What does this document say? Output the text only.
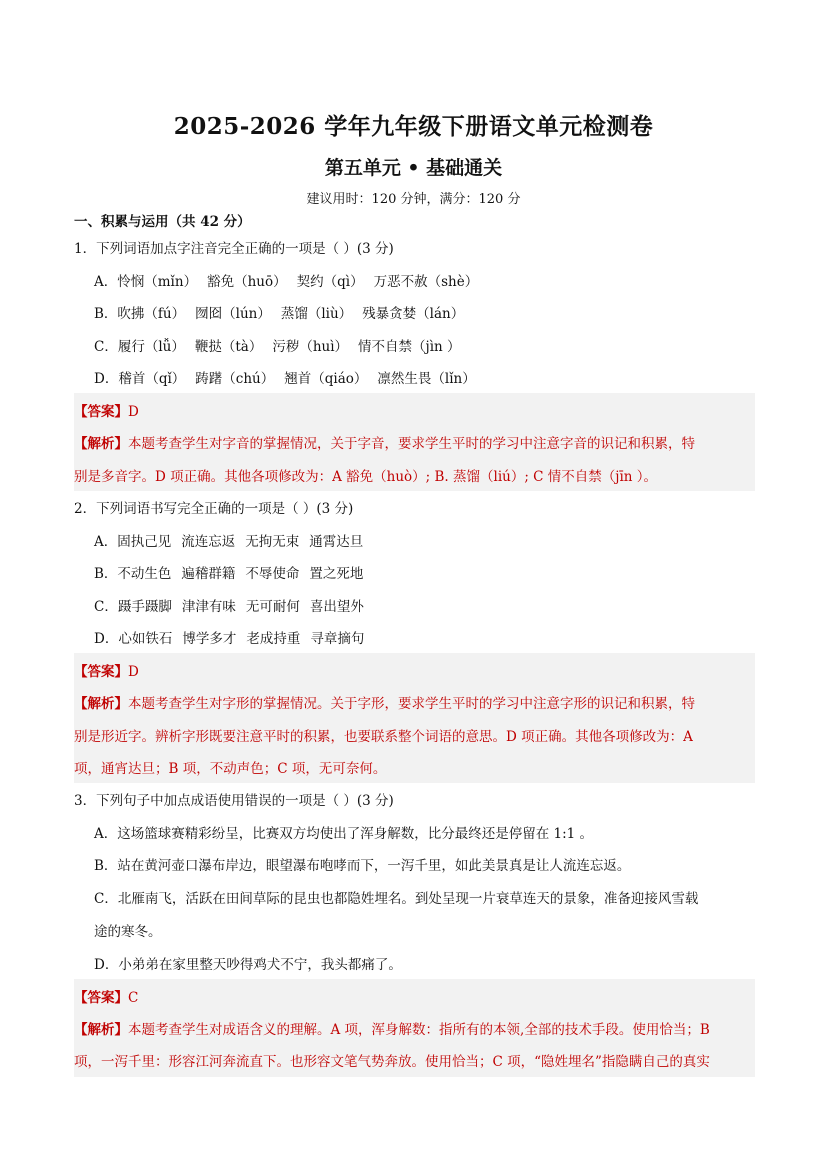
2025-2026 学年九年级下册语文单元检测卷
第五单元 • 基础通关
建议用时：120 分钟，满分：120 分
一、积累与运用（共 42 分）
1．下列词语加点字注音完全正确的一项是（ ）(3 分)
A．怜悯（mǐn） 豁免（huō） 契约（qì） 万恶不赦（shè）
B．吹拂（fú） 囫囵（lún） 蒸馏（liù） 残暴贪婪（lán）
C．履行（lǚ） 鞭挞（tà） 污秽（huì） 情不自禁（jìn ）
D．稽首（qǐ） 踌躇（chú） 翘首（qiáo） 凛然生畏（lǐn）
【答案】D
【解析】本题考查学生对字音的掌握情况，关于字音，要求学生平时的学习中注意字音的识记和积累，特
别是多音字。D 项正确。其他各项修改为：A 豁免（huò）; B. 蒸馏（liú）; C 情不自禁（jīn ）。
2．下列词语书写完全正确的一项是（ ）(3 分)
A．固执己见 流连忘返 无拘无束 通霄达旦
B．不动生色 遍稽群籍 不辱使命 置之死地
C．蹑手蹑脚 津津有味 无可耐何 喜出望外
D．心如铁石 博学多才 老成持重 寻章摘句
【答案】D
【解析】本题考查学生对字形的掌握情况。关于字形，要求学生平时的学习中注意字形的识记和积累，特
别是形近字。辨析字形既要注意平时的积累，也要联系整个词语的意思。D 项正确。其他各项修改为：A
项，通宵达旦；B 项，不动声色；C 项，无可奈何。
3．下列句子中加点成语使用错误的一项是（ ）(3 分)
A．这场篮球赛精彩纷呈，比赛双方均使出了浑身解数，比分最终还是停留在 1:1 。
B．站在黄河壶口瀑布岸边，眼望瀑布咆哮而下，一泻千里，如此美景真是让人流连忘返。
C．北雁南飞，活跃在田间草际的昆虫也都隐姓埋名。到处呈现一片衰草连天的景象，准备迎接风雪载
途的寒冬。
D．小弟弟在家里整天吵得鸡犬不宁，我头都痛了。
【答案】C
【解析】本题考查学生对成语含义的理解。A 项，浑身解数：指所有的本领,全部的技术手段。使用恰当；B
项，一泻千里：形容江河奔流直下。也形容文笔气势奔放。使用恰当；C 项，“隐姓埋名”指隐瞒自己的真实
